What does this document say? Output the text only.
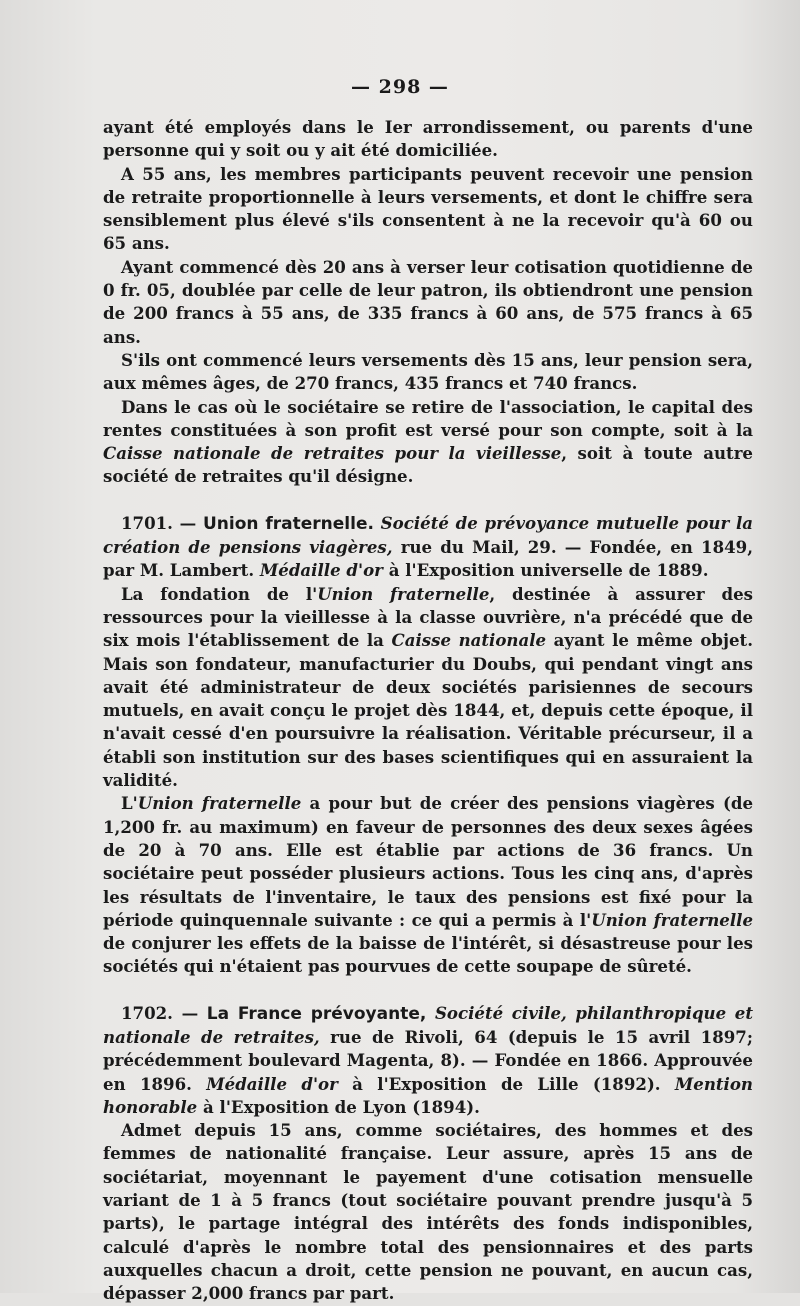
— 298 —

ayant été employés dans le Ier arrondissement, ou parents d'une personne qui y soit ou y ait été domiciliée.

A 55 ans, les membres participants peuvent recevoir une pension de retraite proportionnelle à leurs versements, et dont le chiffre sera sensiblement plus élevé s'ils consentent à ne la recevoir qu'à 60 ou 65 ans.

Ayant commencé dès 20 ans à verser leur cotisation quotidienne de 0 fr. 05, doublée par celle de leur patron, ils obtiendront une pension de 200 francs à 55 ans, de 335 francs à 60 ans, de 575 francs à 65 ans.

S'ils ont commencé leurs versements dès 15 ans, leur pension sera, aux mêmes âges, de 270 francs, 435 francs et 740 francs.

Dans le cas où le sociétaire se retire de l'association, le capital des rentes constituées à son profit est versé pour son compte, soit à la Caisse nationale de retraites pour la vieillesse, soit à toute autre société de retraites qu'il désigne.

1701. — Union fraternelle. Société de prévoyance mutuelle pour la création de pensions viagères, rue du Mail, 29. — Fondée, en 1849, par M. Lambert. Médaille d'or à l'Exposition universelle de 1889.

La fondation de l'Union fraternelle, destinée à assurer des ressources pour la vieillesse à la classe ouvrière, n'a précédé que de six mois l'établissement de la Caisse nationale ayant le même objet. Mais son fondateur, manufacturier du Doubs, qui pendant vingt ans avait été administrateur de deux sociétés parisiennes de secours mutuels, en avait conçu le projet dès 1844, et, depuis cette époque, il n'avait cessé d'en poursuivre la réalisation. Véritable précurseur, il a établi son institution sur des bases scientifiques qui en assuraient la validité.

L'Union fraternelle a pour but de créer des pensions viagères (de 1,200 fr. au maximum) en faveur de personnes des deux sexes âgées de 20 à 70 ans. Elle est établie par actions de 36 francs. Un sociétaire peut posséder plusieurs actions. Tous les cinq ans, d'après les résultats de l'inventaire, le taux des pensions est fixé pour la période quinquennale suivante : ce qui a permis à l'Union fraternelle de conjurer les effets de la baisse de l'intérêt, si désastreuse pour les sociétés qui n'étaient pas pourvues de cette soupape de sûreté.

1702. — La France prévoyante, Société civile, philanthropique et nationale de retraites, rue de Rivoli, 64 (depuis le 15 avril 1897; précédemment boulevard Magenta, 8). — Fondée en 1866. Approuvée en 1896. Médaille d'or à l'Exposition de Lille (1892). Mention honorable à l'Exposition de Lyon (1894).

Admet depuis 15 ans, comme sociétaires, des hommes et des femmes de nationalité française. Leur assure, après 15 ans de sociétariat, moyennant le payement d'une cotisation mensuelle variant de 1 à 5 francs (tout sociétaire pouvant prendre jusqu'à 5 parts), le partage intégral des intérêts des fonds indisponibles, calculé d'après le nombre total des pensionnaires et des parts auxquelles chacun a droit, cette pension ne pouvant, en aucun cas, dépasser 2,000 francs par part.
